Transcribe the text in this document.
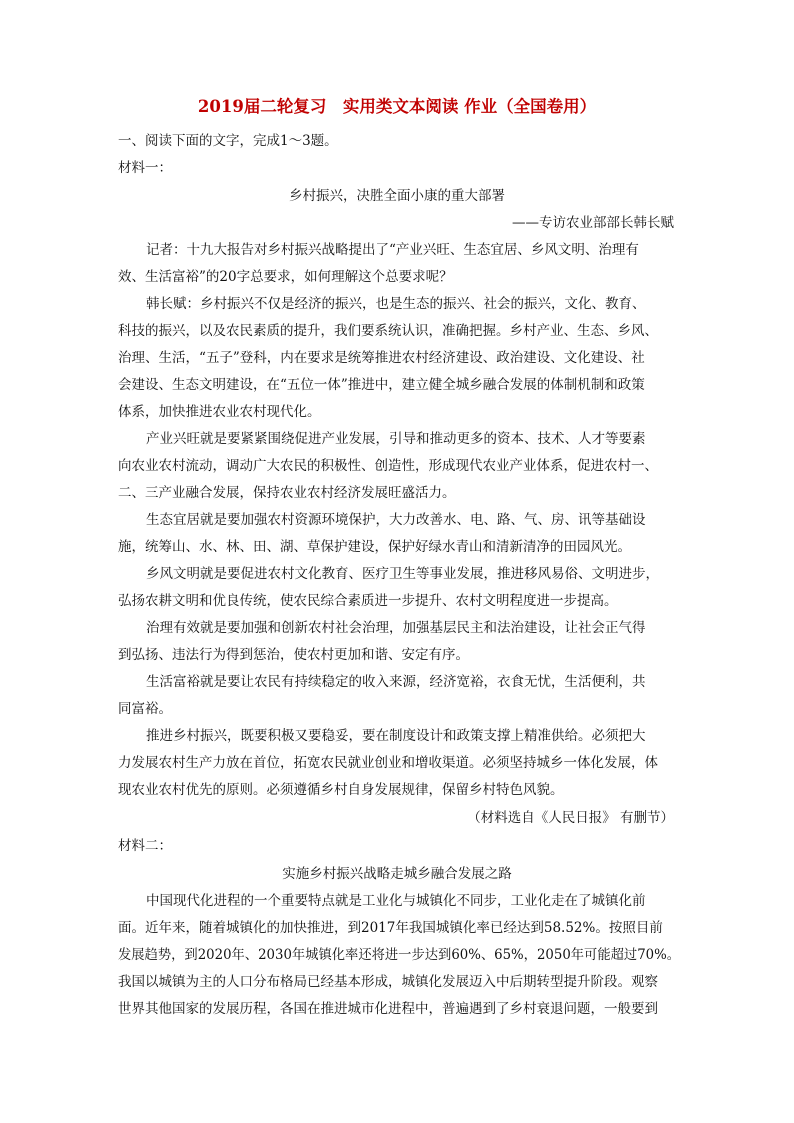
2019届二轮复习　实用类文本阅读 作业（全国卷用）
一、阅读下面的文字，完成1～3题。
材料一：
乡村振兴，决胜全面小康的重大部署
——专访农业部部长韩长赋
记者：十九大报告对乡村振兴战略提出了“产业兴旺、生态宜居、乡风文明、治理有
效、生活富裕”的20字总要求，如何理解这个总要求呢？
韩长赋：乡村振兴不仅是经济的振兴，也是生态的振兴、社会的振兴，文化、教育、
科技的振兴，以及农民素质的提升，我们要系统认识，准确把握。乡村产业、生态、乡风、
治理、生活，“五子”登科，内在要求是统筹推进农村经济建设、政治建设、文化建设、社
会建设、生态文明建设，在“五位一体”推进中，建立健全城乡融合发展的体制机制和政策
体系，加快推进农业农村现代化。
产业兴旺就是要紧紧围绕促进产业发展，引导和推动更多的资本、技术、人才等要素
向农业农村流动，调动广大农民的积极性、创造性，形成现代农业产业体系，促进农村一、
二、三产业融合发展，保持农业农村经济发展旺盛活力。
生态宜居就是要加强农村资源环境保护，大力改善水、电、路、气、房、讯等基础设
施，统筹山、水、林、田、湖、草保护建设，保护好绿水青山和清新清净的田园风光。
乡风文明就是要促进农村文化教育、医疗卫生等事业发展，推进移风易俗、文明进步，
弘扬农耕文明和优良传统，使农民综合素质进一步提升、农村文明程度进一步提高。
治理有效就是要加强和创新农村社会治理，加强基层民主和法治建设，让社会正气得
到弘扬、违法行为得到惩治，使农村更加和谐、安定有序。
生活富裕就是要让农民有持续稳定的收入来源，经济宽裕，衣食无忧，生活便利，共
同富裕。
推进乡村振兴，既要积极又要稳妥，要在制度设计和政策支撑上精准供给。必须把大
力发展农村生产力放在首位，拓宽农民就业创业和增收渠道。必须坚持城乡一体化发展，体
现农业农村优先的原则。必须遵循乡村自身发展规律，保留乡村特色风貌。
（材料选自《人民日报》 有删节）
材料二：
实施乡村振兴战略走城乡融合发展之路
中国现代化进程的一个重要特点就是工业化与城镇化不同步，工业化走在了城镇化前
面。近年来，随着城镇化的加快推进，到2017年我国城镇化率已经达到58.52%。按照目前
发展趋势，到2020年、2030年城镇化率还将进一步达到60%、65%，2050年可能超过70%。
我国以城镇为主的人口分布格局已经基本形成，城镇化发展迈入中后期转型提升阶段。观察
世界其他国家的发展历程，各国在推进城市化进程中，普遍遇到了乡村衰退问题，一般要到
